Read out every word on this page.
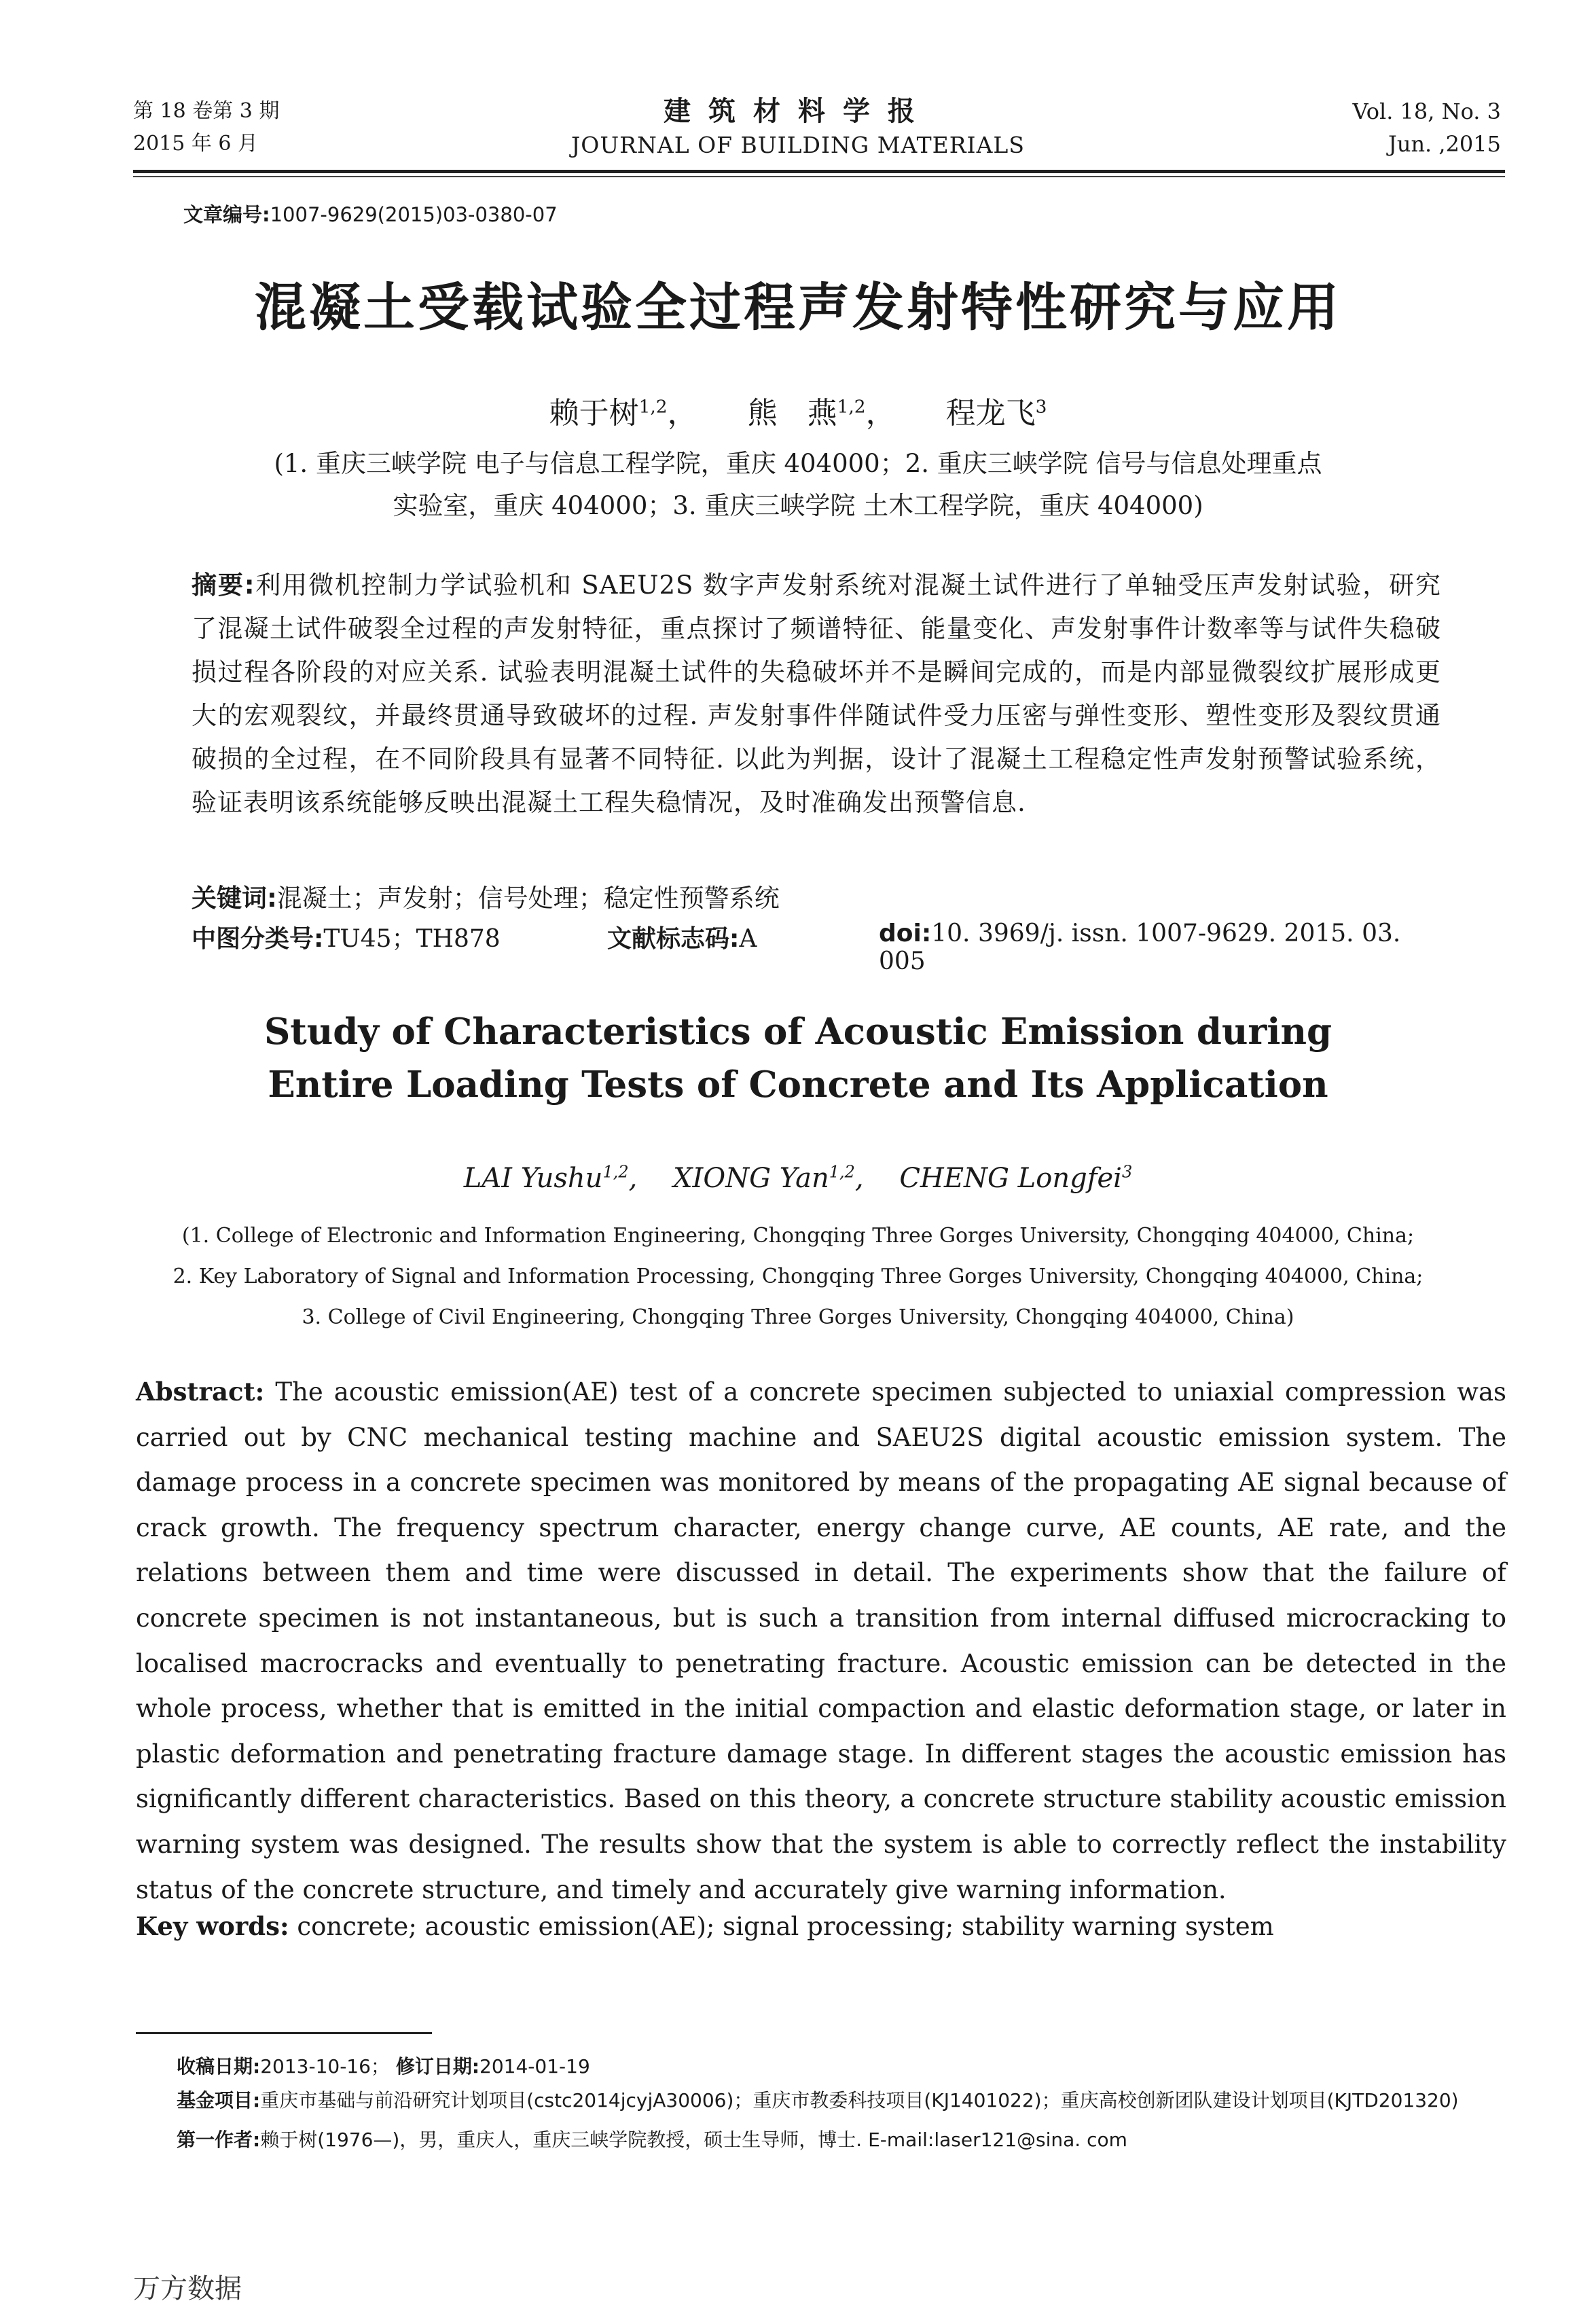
第 18 卷第 3 期
2015 年 6 月
建筑材料学报
JOURNAL OF BUILDING MATERIALS
Vol. 18, No. 3
Jun. ,2015
文章编号:1007-9629(2015)03-0380-07
混凝土受载试验全过程声发射特性研究与应用
赖于树$^{1,2}$， 熊　燕$^{1,2}$， 程龙飞$^3$
(1. 重庆三峡学院 电子与信息工程学院，重庆 404000；2. 重庆三峡学院 信号与信息处理重点
实验室，重庆 404000；3. 重庆三峡学院 土木工程学院，重庆 404000)
摘要:利用微机控制力学试验机和 SAEU2S 数字声发射系统对混凝土试件进行了单轴受压声发射试验，研究了混凝土试件破裂全过程的声发射特征，重点探讨了频谱特征、能量变化、声发射事件计数率等与试件失稳破损过程各阶段的对应关系. 试验表明混凝土试件的失稳破坏并不是瞬间完成的，而是内部显微裂纹扩展形成更大的宏观裂纹，并最终贯通导致破坏的过程. 声发射事件伴随试件受力压密与弹性变形、塑性变形及裂纹贯通破损的全过程，在不同阶段具有显著不同特征. 以此为判据，设计了混凝土工程稳定性声发射预警试验系统，验证表明该系统能够反映出混凝土工程失稳情况，及时准确发出预警信息.
关键词:混凝土；声发射；信号处理；稳定性预警系统
中图分类号:TU45；TH878	文献标志码:A	doi:10. 3969/j. issn. 1007-9629. 2015. 03. 005
Study of Characteristics of Acoustic Emission during
Entire Loading Tests of Concrete and Its Application
LAI Yushu$^{1,2}$, XIONG Yan$^{1,2}$, CHENG Longfei$^3$
(1. College of Electronic and Information Engineering, Chongqing Three Gorges University, Chongqing 404000, China;
2. Key Laboratory of Signal and Information Processing, Chongqing Three Gorges University, Chongqing 404000, China;
3. College of Civil Engineering, Chongqing Three Gorges University, Chongqing 404000, China)
Abstract: The acoustic emission(AE) test of a concrete specimen subjected to uniaxial compression was carried out by CNC mechanical testing machine and SAEU2S digital acoustic emission system. The damage process in a concrete specimen was monitored by means of the propagating AE signal because of crack growth. The frequency spectrum character, energy change curve, AE counts, AE rate, and the relations between them and time were discussed in detail. The experiments show that the failure of concrete specimen is not instantaneous, but is such a transition from internal diffused microcracking to localised macrocracks and eventually to penetrating fracture. Acoustic emission can be detected in the whole process, whether that is emitted in the initial compaction and elastic deformation stage, or later in plastic deformation and penetrating fracture damage stage. In different stages the acoustic emission has significantly different characteristics. Based on this theory, a concrete structure stability acoustic emission warning system was designed. The results show that the system is able to correctly reflect the instability status of the concrete structure, and timely and accurately give warning information.
Key words: concrete; acoustic emission(AE); signal processing; stability warning system

收稿日期:2013-10-16； 修订日期:2014-01-19

基金项目:重庆市基础与前沿研究计划项目(cstc2014jcyjA30006)；重庆市教委科技项目(KJ1401022)；重庆高校创新团队建设计划项目(KJTD201320)

第一作者:赖于树(1976—)，男，重庆人，重庆三峡学院教授，硕士生导师，博士. E-mail:laser121@sina. com

万方数据
